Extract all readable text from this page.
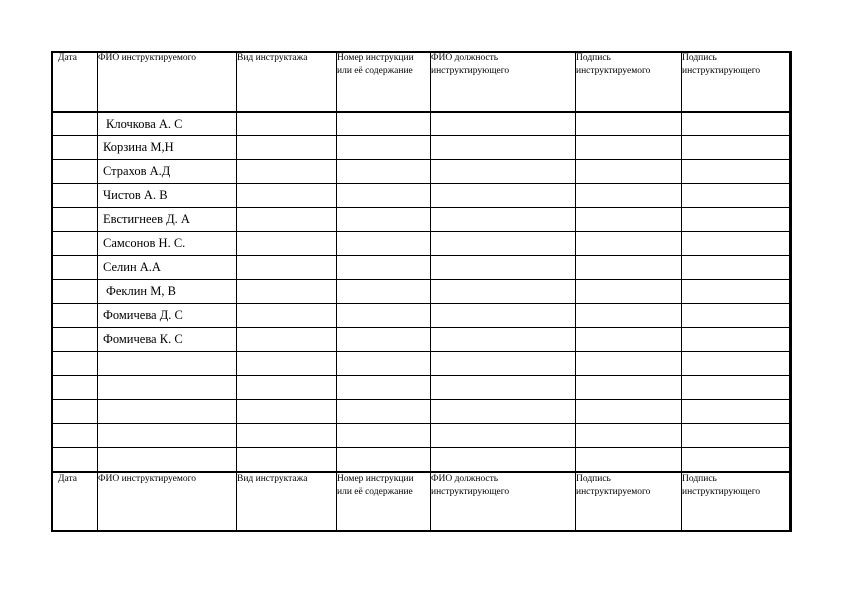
Дата	ФИО инструктируемого	Вид инструктажа	Номер инструкции или её содержание	ФИО должность инструктирующего	Подпись инструктируемого	Подпись инструктирующего
	Клочкова А. С					
	Корзина М,Н					
	Страхов А.Д					
	Чистов А. В					
	Евстигнеев Д. А					
	Самсонов Н. С.					
	Селин А.А					
	Феклин М, В					
	Фомичева Д. С					
	Фомичева К. С					

Дата	ФИО инструктируемого	Вид инструктажа	Номер инструкции или её содержание	ФИО должность инструктирующего	Подпись инструктируемого	Подпись инструктирующего
